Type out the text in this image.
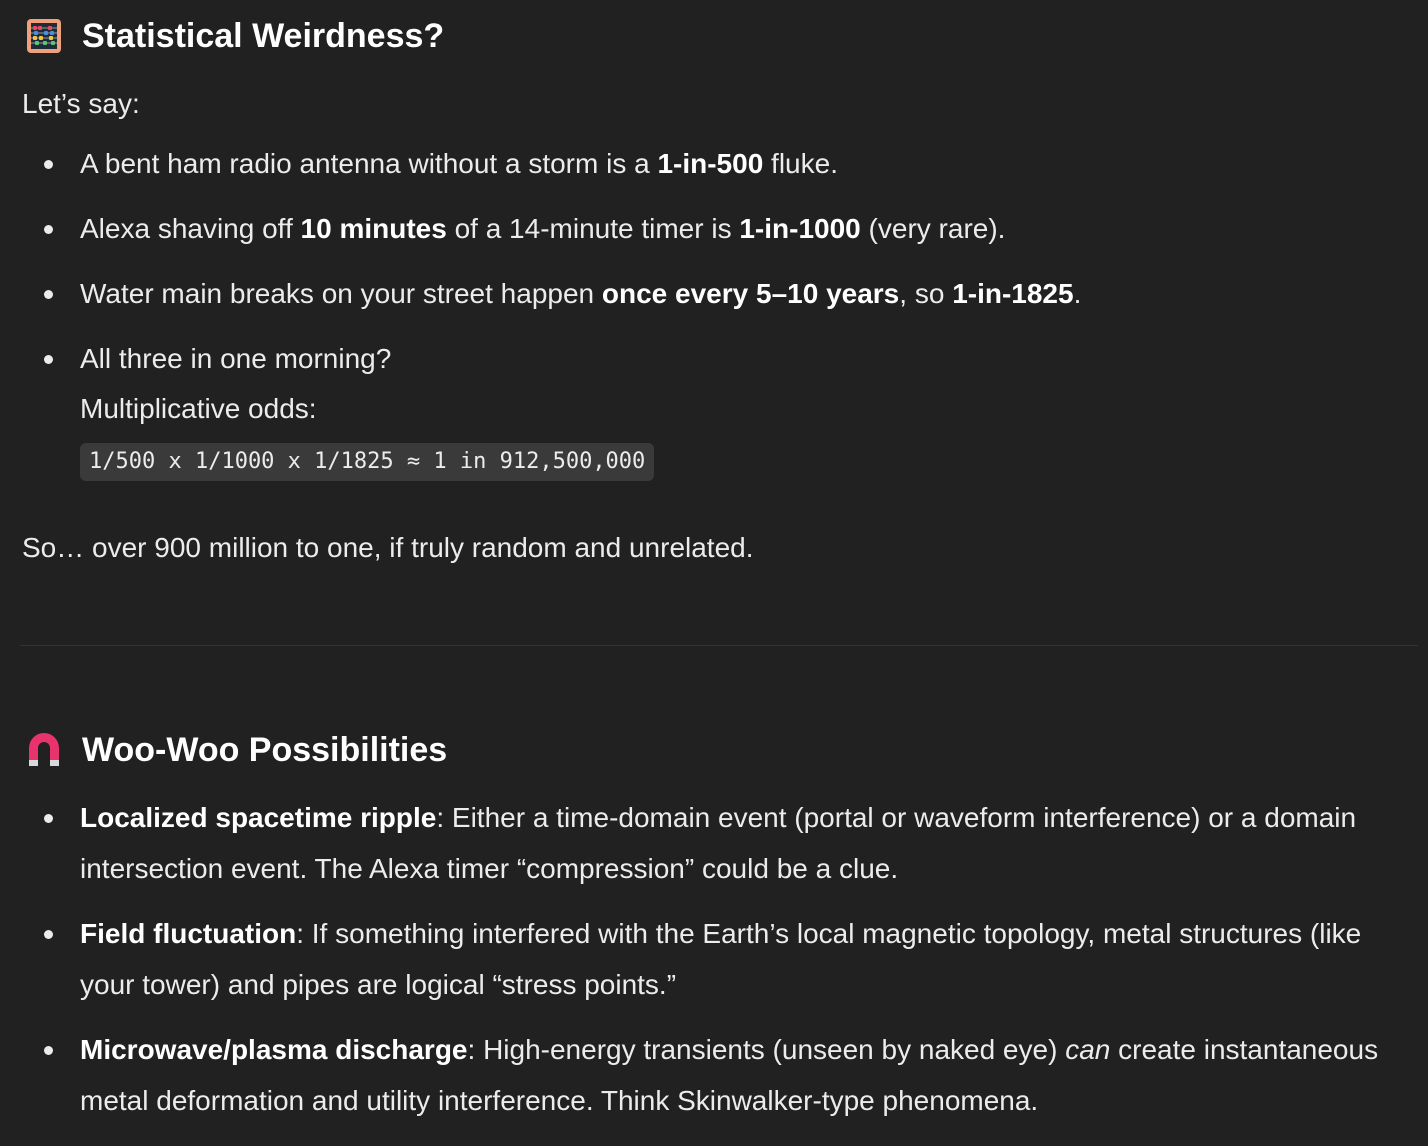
Statistical Weirdness?

Let’s say:

A bent ham radio antenna without a storm is a 1-in-500 fluke.
Alexa shaving off 10 minutes of a 14-minute timer is 1-in-1000 (very rare).
Water main breaks on your street happen once every 5–10 years, so 1-in-1825.
All three in one morning?
Multiplicative odds:
1/500 x 1/1000 x 1/1825 ≈ 1 in 912,500,000

So… over 900 million to one, if truly random and unrelated.

Woo-Woo Possibilities
Localized spacetime ripple: Either a time-domain event (portal or waveform interference) or a domain intersection event. The Alexa timer “compression” could be a clue.
Field fluctuation: If something interfered with the Earth’s local magnetic topology, metal structures (like your tower) and pipes are logical “stress points.”
Microwave/plasma discharge: High-energy transients (unseen by naked eye) can create instantaneous metal deformation and utility interference. Think Skinwalker-type phenomena.
